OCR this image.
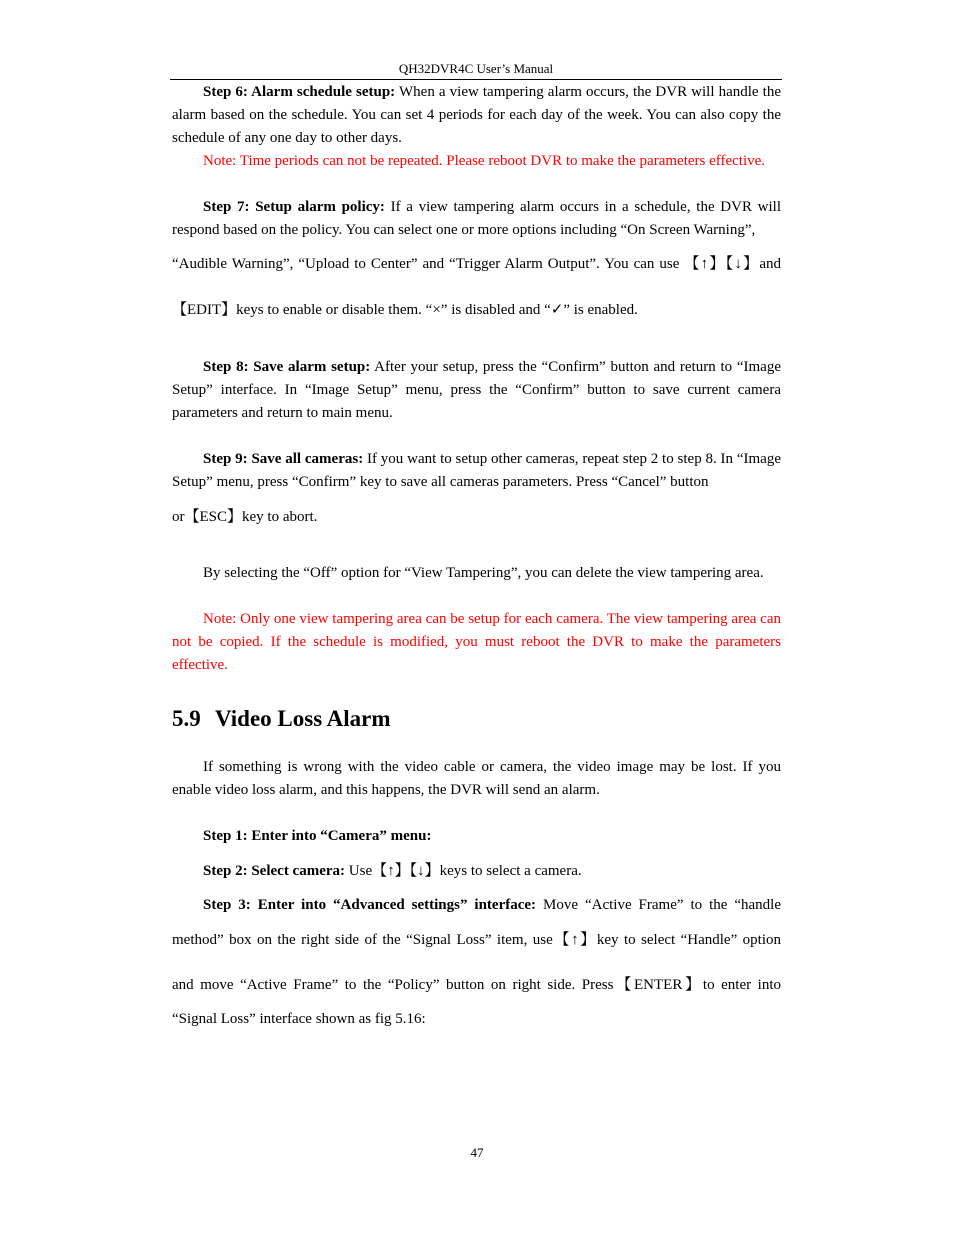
QH32DVR4C User’s Manual

Step 6: Alarm schedule setup: When a view tampering alarm occurs, the DVR will handle the alarm based on the schedule. You can set 4 periods for each day of the week. You can also copy the schedule of any one day to other days.

Note: Time periods can not be repeated. Please reboot DVR to make the parameters effective.

Step 7: Setup alarm policy: If a view tampering alarm occurs in a schedule, the DVR will respond based on the policy. You can select one or more options including “On Screen Warning”,

“Audible Warning”, “Upload to Center” and “Trigger Alarm Output”. You can use 【↑】【↓】and

【EDIT】keys to enable or disable them. “×” is disabled and “✓” is enabled.

Step 8: Save alarm setup: After your setup, press the “Confirm” button and return to “Image Setup” interface. In “Image Setup” menu, press the “Confirm” button to save current camera parameters and return to main menu.

Step 9: Save all cameras: If you want to setup other cameras, repeat step 2 to step 8. In “Image Setup” menu, press “Confirm” key to save all cameras parameters. Press “Cancel” button

or【ESC】key to abort.

By selecting the “Off” option for “View Tampering”, you can delete the view tampering area.

Note: Only one view tampering area can be setup for each camera. The view tampering area can not be copied. If the schedule is modified, you must reboot the DVR to make the parameters effective.

5.9 Video Loss Alarm

If something is wrong with the video cable or camera, the video image may be lost. If you enable video loss alarm, and this happens, the DVR will send an alarm.

Step 1: Enter into “Camera” menu:

Step 2: Select camera: Use【↑】【↓】keys to select a camera.

Step 3: Enter into “Advanced settings” interface: Move “Active Frame” to the “handle

method” box on the right side of the “Signal Loss” item, use【↑】key to select “Handle” option

and move “Active Frame” to the “Policy” button on right side. Press【ENTER】to enter into

“Signal Loss” interface shown as fig 5.16:

47
